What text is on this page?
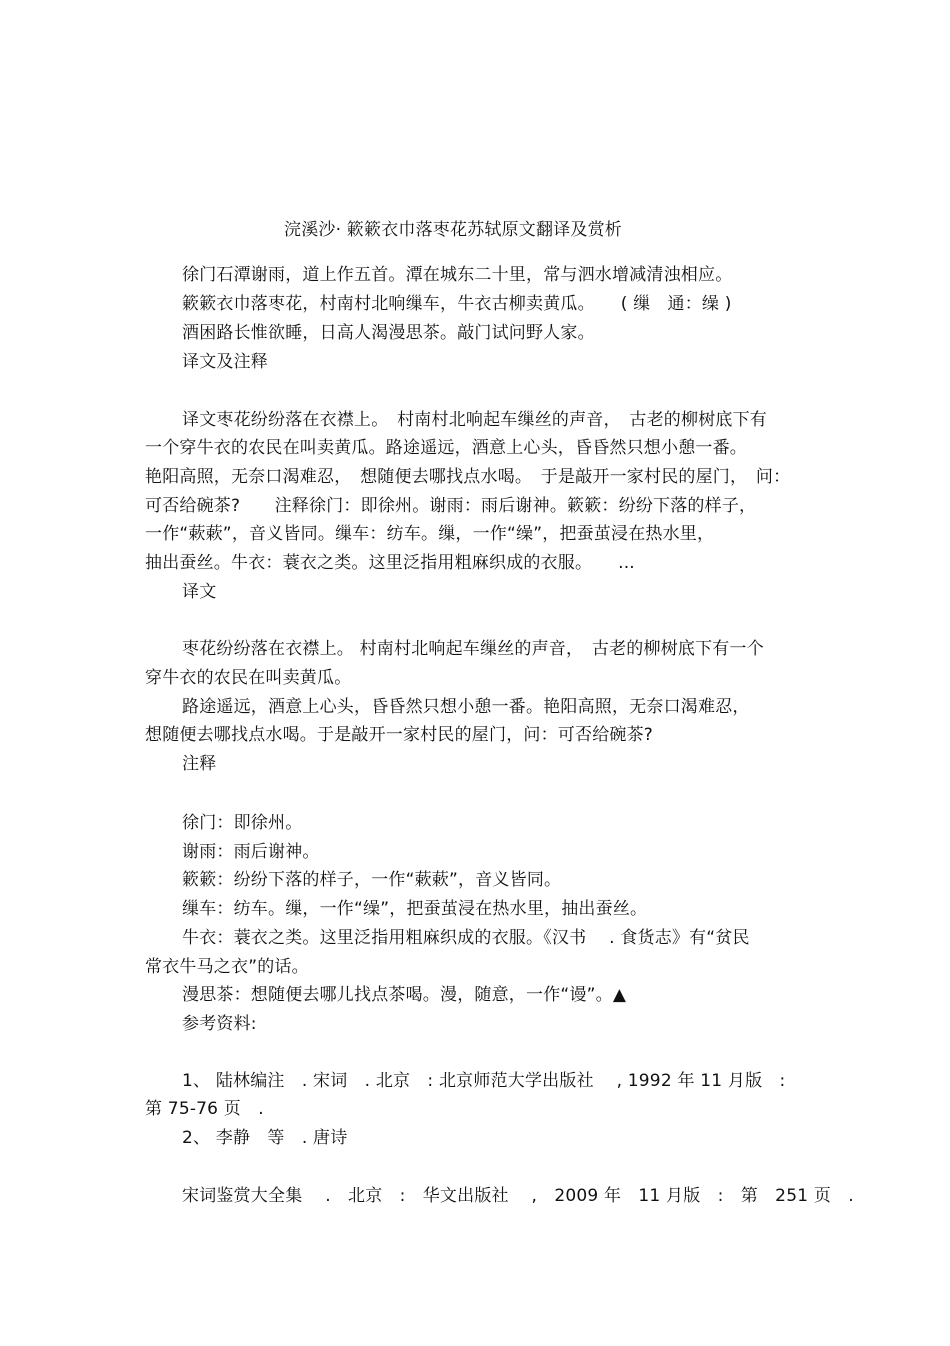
浣溪沙· 簌簌衣巾落枣花苏轼原文翻译及赏析
徐门石潭谢雨，道上作五首。潭在城东二十里，常与泗水增减清浊相应。
簌簌衣巾落枣花，村南村北响缫车，牛衣古柳卖黄瓜。　　( 缫　通：缲 )
酒困路长惟欲睡，日高人渴漫思茶。敲门试问野人家。
译文及注释
译文枣花纷纷落在衣襟上。　村南村北响起车缫丝的声音，　古老的柳树底下有
一个穿牛衣的农民在叫卖黄瓜。路途遥远，酒意上心头，昏昏然只想小憩一番。
艳阳高照，无奈口渴难忍，　想随便去哪找点水喝。　于是敲开一家村民的屋门，　问：
可否给碗茶?　　注释徐门：即徐州。谢雨：雨后谢神。簌簌：纷纷下落的样子，
一作“蔌蔌”，音义皆同。缫车：纺车。缫，一作“缲”，把蚕茧浸在热水里，
抽出蚕丝。牛衣：蓑衣之类。这里泛指用粗麻织成的衣服。　　...
译文
枣花纷纷落在衣襟上。 村南村北响起车缫丝的声音，　古老的柳树底下有一个
穿牛衣的农民在叫卖黄瓜。
路途遥远，酒意上心头，昏昏然只想小憩一番。艳阳高照，无奈口渴难忍，
想随便去哪找点水喝。于是敲开一家村民的屋门，问：可否给碗茶?
注释
徐门：即徐州。
谢雨：雨后谢神。
簌簌：纷纷下落的样子，一作“蔌蔌”，音义皆同。
缫车：纺车。缫，一作“缲”，把蚕茧浸在热水里，抽出蚕丝。
牛衣：蓑衣之类。这里泛指用粗麻织成的衣服。《汉书　 . 食货志》有“贫民
常衣牛马之衣”的话。
漫思茶：想随便去哪儿找点茶喝。漫，随意，一作“谩”。▲
参考资料:
1、 陆林编注　. 宋词　. 北京　: 北京师范大学出版社　 , 1992 年 11 月版　:
第 75-76 页　.
2、 李静　等　. 唐诗
宋词鉴赏大全集　 .　北京　:　华文出版社　 ,　2009 年　11 月版　:　第　251 页　.
